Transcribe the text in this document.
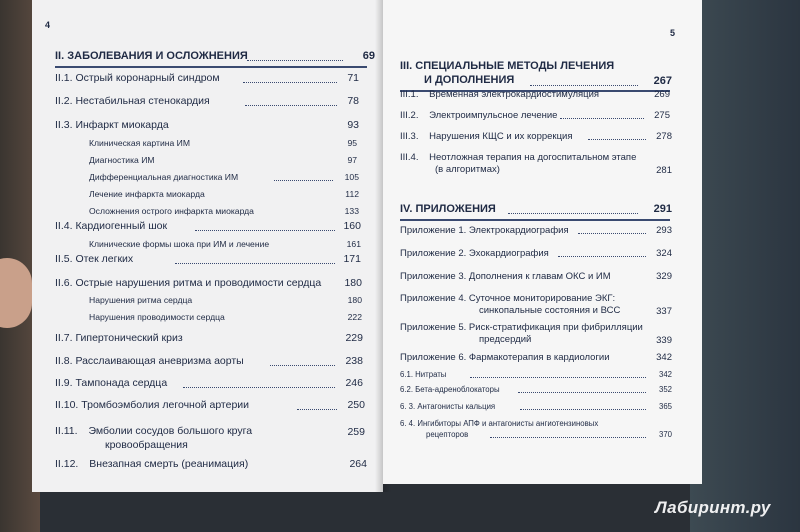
4
II. ЗАБОЛЕВАНИЯ И ОСЛОЖНЕНИЯ	69
II.1. Острый коронарный синдром	71
II.2. Нестабильная стенокардия	78
II.3. Инфаркт миокарда	93
Клиническая картина ИМ	95
Диагностика ИМ	97
Дифференциальная диагностика ИМ	105
Лечение инфаркта миокарда	112
Осложнения острого инфаркта миокарда	133
II.4. Кардиогенный шок	160
Клинические формы шока при ИМ и лечение	161
II.5. Отек легких	171
II.6. Острые нарушения ритма и проводимости сердца 180
Нарушения ритма сердца	180
Нарушения проводимости сердца	222
II.7. Гипертонический криз	229
II.8. Расслаивающая аневризма аорты	238
II.9. Тампонада сердца	246
II.10. Тромбоэмболия легочной артерии	250
II.11. Эмболии сосудов большого круга
кровообращения
259
II.12. Внезапная смерть (реанимация)	264
5
III. СПЕЦИАЛЬНЫЕ МЕТОДЫ ЛЕЧЕНИЯ
И ДОПОЛНЕНИЯ	267
III.1. Временная электрокардиостимуляция	269
III.2. Электроимпульсное лечение	275
III.3. Нарушения КЩС и их коррекция	278
III.4. Неотложная терапия на догоспитальном этапе
(в алгоритмах)	281
IV. ПРИЛОЖЕНИЯ	291
Приложение 1. Электрокардиография	293
Приложение 2. Эхокардиография	324
Приложение 3. Дополнения к главам ОКС и ИМ	329
Приложение 4. Суточное мониторирование ЭКГ:
синкопальные состояния и ВСС	337
Приложение 5. Риск-стратификация при фибрилляции
предсердий	339
Приложение 6. Фармакотерапия в кардиологии	342
6.1. Нитраты	342
6.2. Бета-адреноблокаторы	352
6. 3. Антагонисты кальция	365
6. 4. Ингибиторы АПФ и антагонисты ангиотензиновых
рецепторов	370
Лабиринт.ру
